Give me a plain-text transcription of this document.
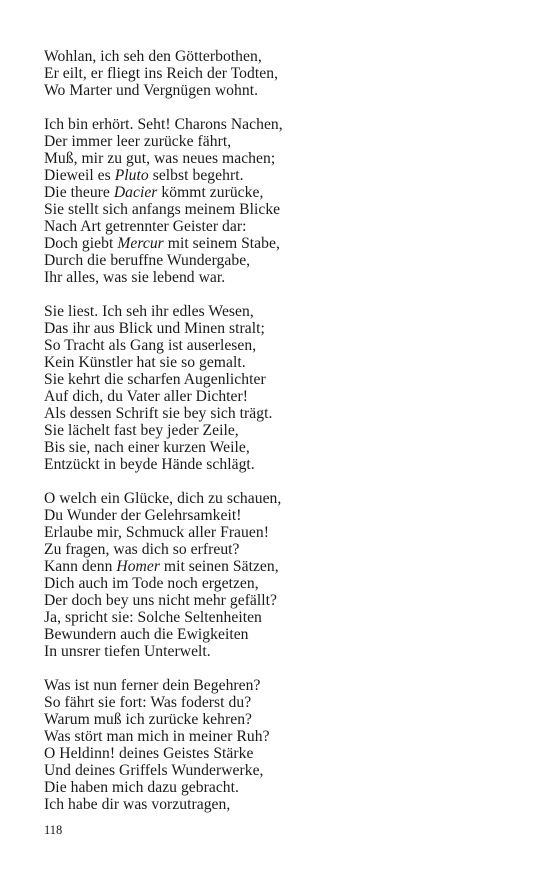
Wohlan, ich seh den Götterbothen,
Er eilt, er fliegt ins Reich der Todten,
Wo Marter und Vergnügen wohnt.
Ich bin erhört. Seht! Charons Nachen,
Der immer leer zurücke fährt,
Muß, mir zu gut, was neues machen;
Dieweil es Pluto selbst begehrt.
Die theure Dacier kömmt zurücke,
Sie stellt sich anfangs meinem Blicke
Nach Art getrennter Geister dar:
Doch giebt Mercur mit seinem Stabe,
Durch die beruffne Wundergabe,
Ihr alles, was sie lebend war.
Sie liest. Ich seh ihr edles Wesen,
Das ihr aus Blick und Minen stralt;
So Tracht als Gang ist auserlesen,
Kein Künstler hat sie so gemalt.
Sie kehrt die scharfen Augenlichter
Auf dich, du Vater aller Dichter!
Als dessen Schrift sie bey sich trägt.
Sie lächelt fast bey jeder Zeile,
Bis sie, nach einer kurzen Weile,
Entzückt in beyde Hände schlägt.
O welch ein Glücke, dich zu schauen,
Du Wunder der Gelehrsamkeit!
Erlaube mir, Schmuck aller Frauen!
Zu fragen, was dich so erfreut?
Kann denn Homer mit seinen Sätzen,
Dich auch im Tode noch ergetzen,
Der doch bey uns nicht mehr gefällt?
Ja, spricht sie: Solche Seltenheiten
Bewundern auch die Ewigkeiten
In unsrer tiefen Unterwelt.
Was ist nun ferner dein Begehren?
So fährt sie fort: Was foderst du?
Warum muß ich zurücke kehren?
Was stört man mich in meiner Ruh?
O Heldinn! deines Geistes Stärke
Und deines Griffels Wunderwerke,
Die haben mich dazu gebracht.
Ich habe dir was vorzutragen,
118
